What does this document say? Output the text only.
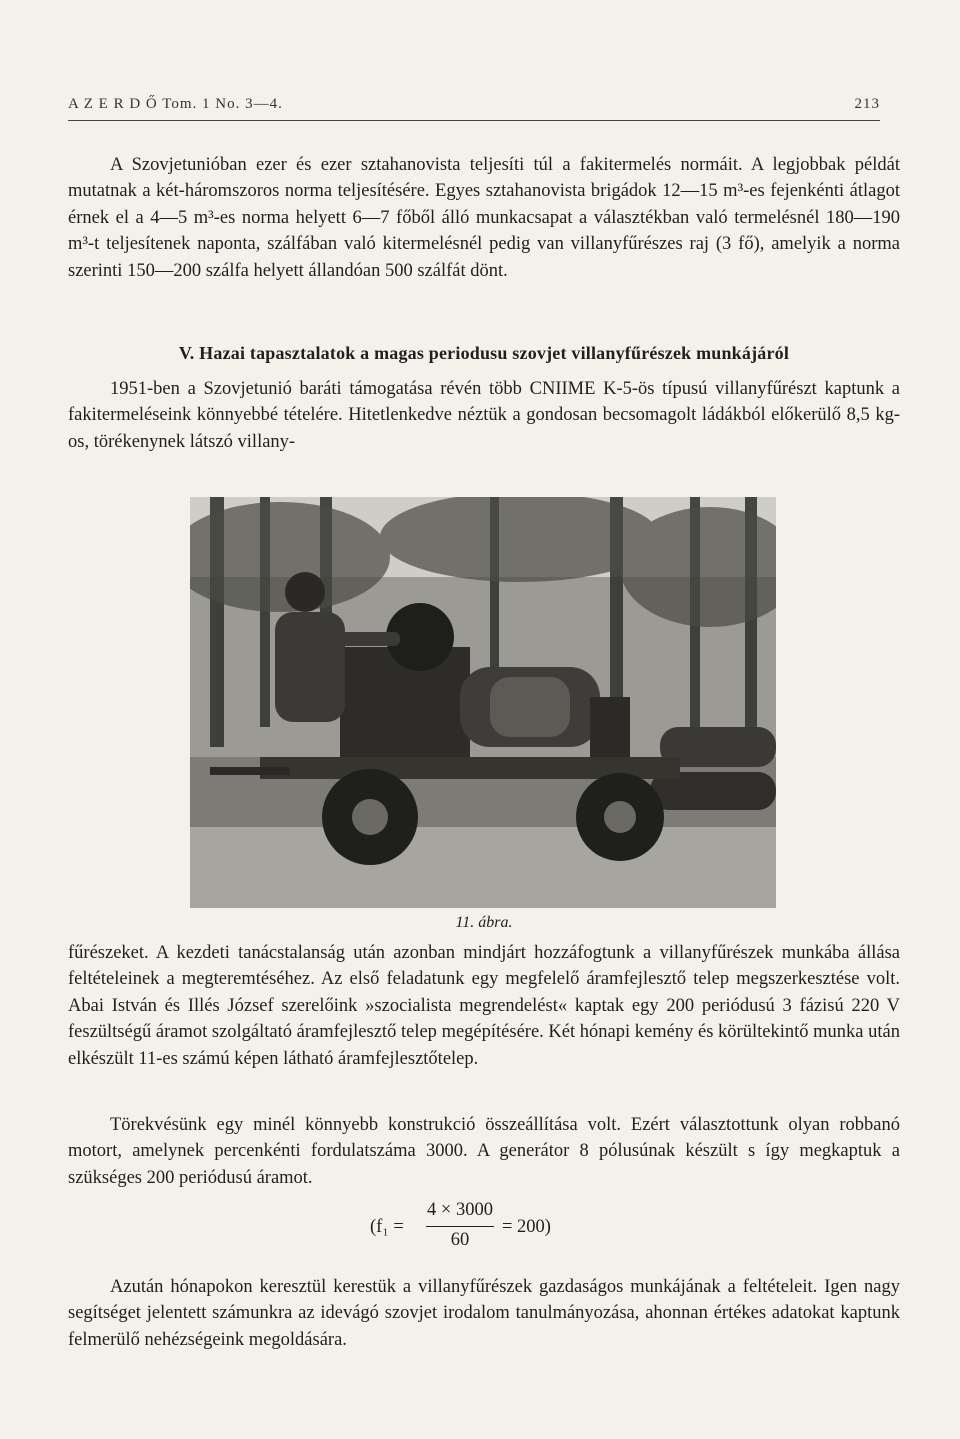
A Z E R D Ő Tom. 1 No. 3—4.	213

A Szovjetunióban ezer és ezer sztahanovista teljesíti túl a fakitermelés normáit. A legjobbak példát mutatnak a két-háromszoros norma teljesítésére. Egyes sztahanovista brigádok 12—15 m³-es fejenkénti átlagot érnek el a 4—5 m³-es norma helyett 6—7 főből álló munkacsapat a választékban való termelésnél 180—190 m³-t teljesítenek naponta, szálfában való kitermelésnél pedig van villanyfűrészes raj (3 fő), amelyik a norma szerinti 150—200 szálfa helyett állandóan 500 szálfát dönt.

V. Hazai tapasztalatok a magas periodusu szovjet villanyfűrészek munkájáról

1951-ben a Szovjetunió baráti támogatása révén több CNIIME K-5-ös típusú villanyfűrészt kaptunk a fakitermeléseink könnyebbé tételére. Hitetlenkedve néztük a gondosan becsomagolt ládákból előkerülő 8,5 kg-os, törékenynek látszó villany-

11. ábra.

fűrészeket. A kezdeti tanácstalanság után azonban mindjárt hozzáfogtunk a villanyfűrészek munkába állása feltételeinek a megteremtéséhez. Az első feladatunk egy megfelelő áramfejlesztő telep megszerkesztése volt. Abai István és Illés József szerelőink »szocialista megrendelést« kaptak egy 200 periódusú 3 fázisú 220 V feszültségű áramot szolgáltató áramfejlesztő telep megépítésére. Két hónapi kemény és körültekintő munka után elkészült 11-es számú képen látható áramfejlesztőtelep.

Törekvésünk egy minél könnyebb konstrukció összeállítása volt. Ezért választottunk olyan robbanó motort, amelynek percenkénti fordulatszáma 3000. A generátor 8 pólusúnak készült s így megkaptuk a szükséges 200 periódusú áramot.

(f₁ =
4 × 3000
60
= 200)

Azután hónapokon keresztül kerestük a villanyfűrészek gazdaságos munkájának a feltételeit. Igen nagy segítséget jelentett számunkra az idevágó szovjet irodalom tanulmányozása, ahonnan értékes adatokat kaptunk felmerülő nehézségeink megoldására.
